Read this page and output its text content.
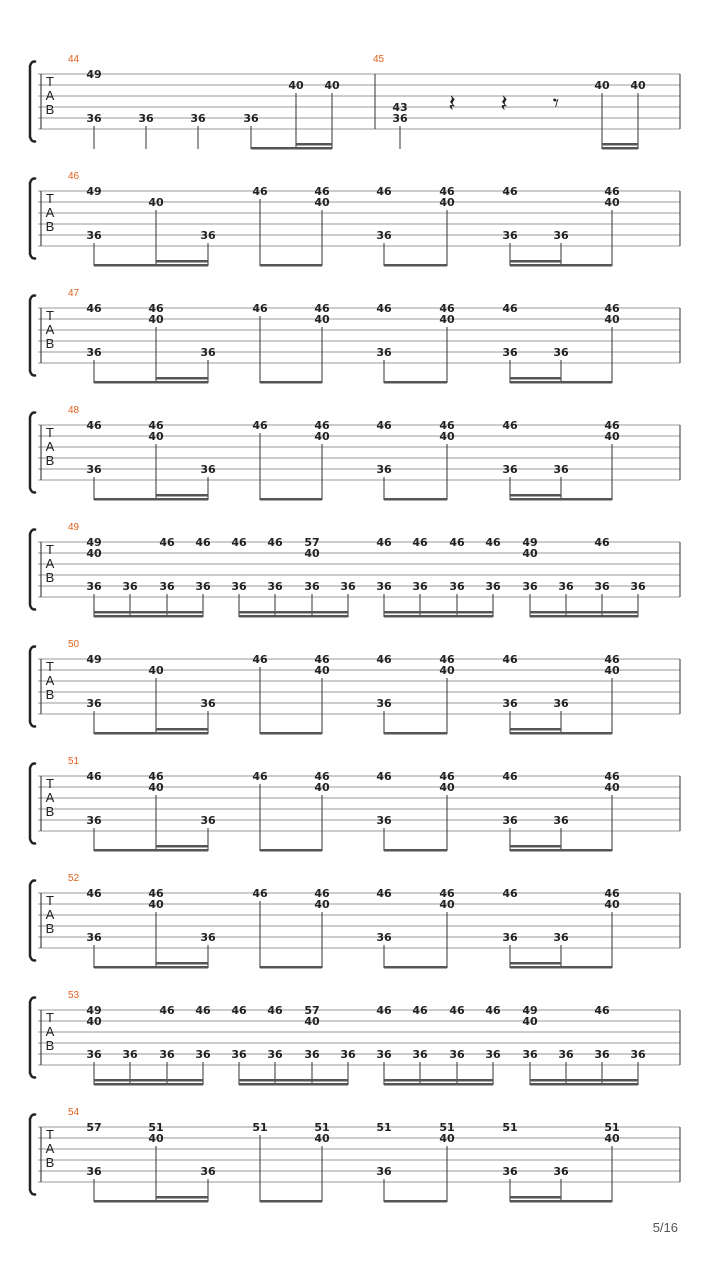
T
A
B
44	45
49
36	36	36	36
40 40
43
36
𝄽 𝄽 𝄾
40 40
T
A
B
46
49
36
40
36
46	46
40
46
36
46
40
46
36	36
46
40
T
A
B
47
46
36
46
40
36
46	46
40
46
36
46
40
46
36	36
46
40
T
A
B
48
46
36
46
40
36
46	46
40
46
36
46
40
46
36	36
46
40
T
A
B
49
49
40
36 36
46
36
46
36
46
36
46
36
57
40
36 36
46
36
46
36
46
36
46
36
49
40
36 36
46
36 36
T
A
B
50
49
36
40
36
46	46
40
46
36
46
40
46
36	36
46
40
T
A
B
51
46
36
46
40
36
46	46
40
46
36
46
40
46
36	36
46
40
T
A
B
52
46
36
46
40
36
46	46
40
46
36
46
40
46
36	36
46
40
T
A
B
53
49
40
36 36
46
36
46
36
46
36
46
36
57
40
36 36
46
36
46
36
46
36
46
36
49
40
36 36
46
36 36
T
A
B
54
57
36
51
40
36
51	51
40
51
36
51
40
51
36	36
51
40
5/16
